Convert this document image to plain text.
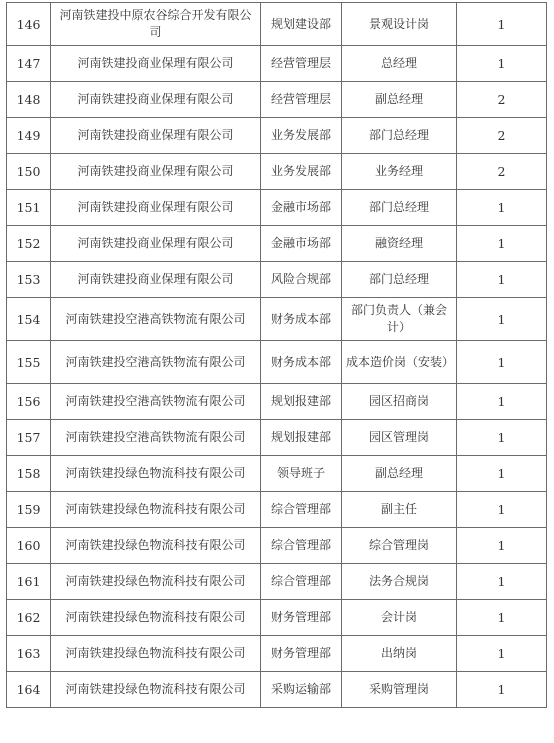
146	河南铁建投中原农谷综合开发有限公司	规划建设部	景观设计岗	1
147	河南铁建投商业保理有限公司	经营管理层	总经理	1
148	河南铁建投商业保理有限公司	经营管理层	副总经理	2
149	河南铁建投商业保理有限公司	业务发展部	部门总经理	2
150	河南铁建投商业保理有限公司	业务发展部	业务经理	2
151	河南铁建投商业保理有限公司	金融市场部	部门总经理	1
152	河南铁建投商业保理有限公司	金融市场部	融资经理	1
153	河南铁建投商业保理有限公司	风险合规部	部门总经理	1
154	河南铁建投空港高铁物流有限公司	财务成本部	部门负责人（兼会计）	1
155	河南铁建投空港高铁物流有限公司	财务成本部	成本造价岗（安装）	1
156	河南铁建投空港高铁物流有限公司	规划报建部	园区招商岗	1
157	河南铁建投空港高铁物流有限公司	规划报建部	园区管理岗	1
158	河南铁建投绿色物流科技有限公司	领导班子	副总经理	1
159	河南铁建投绿色物流科技有限公司	综合管理部	副主任	1
160	河南铁建投绿色物流科技有限公司	综合管理部	综合管理岗	1
161	河南铁建投绿色物流科技有限公司	综合管理部	法务合规岗	1
162	河南铁建投绿色物流科技有限公司	财务管理部	会计岗	1
163	河南铁建投绿色物流科技有限公司	财务管理部	出纳岗	1
164	河南铁建投绿色物流科技有限公司	采购运输部	采购管理岗	1
